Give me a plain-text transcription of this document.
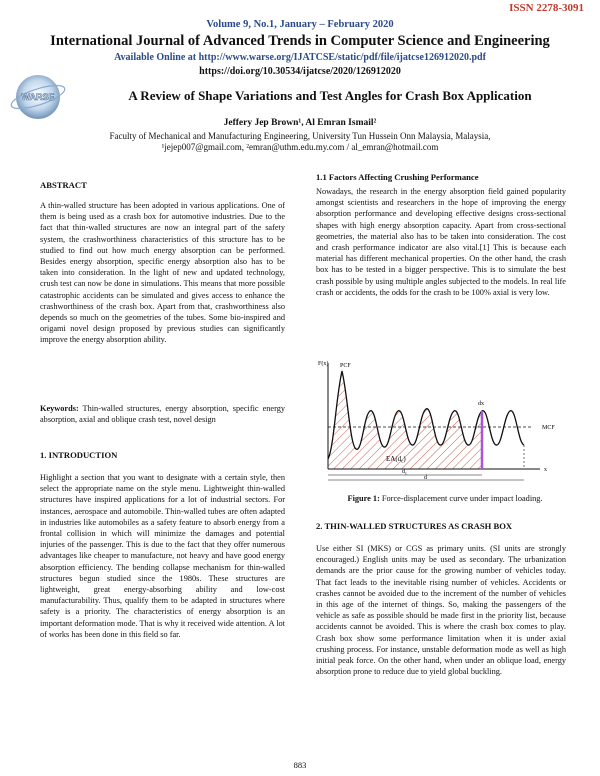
ISSN 2278-3091
Volume 9, No.1, January – February 2020
International Journal of Advanced Trends in Computer Science and Engineering
Available Online at http://www.warse.org/IJATCSE/static/pdf/file/ijatcse126912020.pdf
https://doi.org/10.30534/ijatcse/2020/126912020
WARSE	A Review of Shape Variations and Test Angles for Crash Box Application
Jeffery Jep Brown¹, Al Emran Ismail²
Faculty of Mechanical and Manufacturing Engineering, University Tun Hussein Onn Malaysia, Malaysia,
¹jejep007@gmail.com, ²emran@uthm.edu.my.com / al_emran@hotmail.com
ABSTRACT

A thin-walled structure has been adopted in various applications. One of them is being used as a crash box for automotive industries. Due to the fact that thin-walled structures are now an integral part of the safety system, the crashworthiness characteristics of this structure has to be studied to find out how much energy absorption can be performed. Besides energy absorption, specific energy absorption also has to be taken into consideration. In the light of new and updated technology, crush test can now be done in simulations. This means that more possible catastrophic accidents can be simulated and gives access to enhance the crashworthiness of the crash box. Apart from that, crashworthiness also depends so much on the geometries of the tubes. Some bio-inspired and origami novel design proposed by previous studies can significantly improve the energy absorption ability.

Keywords: Thin-walled structures, energy absorption, specific energy absorption, axial and oblique crash test, novel design

1. INTRODUCTION

Highlight a section that you want to designate with a certain style, then select the appropriate name on the style menu. Lightweight thin-walled structures have inspired applications for a lot of industrial sectors. For instances, aerospace and automobile. Thin-walled tubes are often adapted in industries like automobiles as a safety feature to absorb energy from a frontal collision in which will minimize the damages and potential injuries of the passenger. This is due to the fact that they offer numerous advantages like cheaper to manufacture, not heavy and have good energy absorption efficiency. The bending collapse mechanism for thin-walled structures begun studied since the 1980s. These structures are lightweight, great energy-absorbing ability and low-cost manufacturability. Thus, qualify them to be adapted in structures where safety is a priority. The characteristics of energy absorption is an important deformation mode. That is why it received wide attention. A lot of works has been done in this field so far.

1.1 Factors Affecting Crushing Performance

Nowadays, the research in the energy absorption field gained popularity amongst scientists and researchers in the hope of improving the energy absorption performance and developing effective designs cross-sectional shapes with high energy absorption capacity. Apart from cross-sectional geometries, the material also has to be taken into consideration. The cost and crash performance indicator are also vital.[1] This is because each material has different mechanical properties. On the other hand, the crash box has to be tested in a bigger perspective. This is to simulate the best crash possible by using multiple angles subjected to the models. In real life crash or accidents, the odds for the crash to be 100% axial is very low.

F(x) PCF
MCF
$EA(d_c)$
dx
$d_c$
d
x
Figure 1: Force-displacement curve under impact loading.
2. THIN-WALLED STRUCTURES AS CRASH BOX

Use either SI (MKS) or CGS as primary units. (SI units are strongly encouraged.) English units may be used as secondary. The urbanization demands are the prior cause for the growing number of vehicles today. That fact leads to the inevitable rising number of vehicles. Accidents or crashes cannot be avoided due to the increment of the number of vehicles in this age of the internet of things. So, making the passengers of the vehicle as safe as possible should be made first in the priority list, because accidents cannot be avoided. This is where the crash box comes to play. Crash box show some performance limitation when it is under axial crushing process. For instance, unstable deformation mode as well as high initial peak force. On the other hand, when under an oblique load, energy absorption prone to reduce due to yield global buckling.

883
